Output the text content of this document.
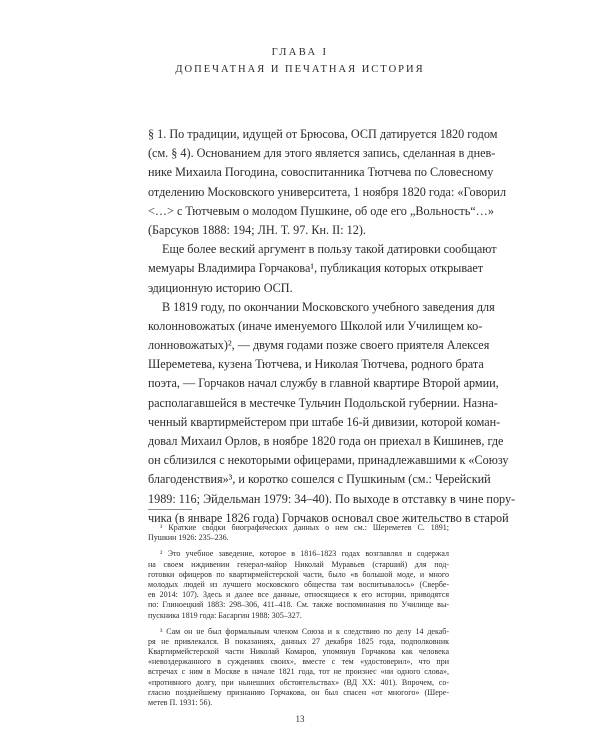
ГЛАВА I
ДОПЕЧАТНАЯ И ПЕЧАТНАЯ ИСТОРИЯ
§ 1. По традиции, идущей от Брюсова, ОСП датируется 1820 годом
(см. § 4). Основанием для этого является запись, сделанная в днев-
нике Михаила Погодина, совоспитанника Тютчева по Словесному
отделению Московского университета, 1 ноября 1820 года: «Говорил
<…> с Тютчевым о молодом Пушкине, об оде его „Вольность“…»
(Барсуков 1888: 194; ЛН. Т. 97. Кн. II: 12).
Еще более веский аргумент в пользу такой датировки сообщают
мемуары Владимира Горчакова¹, публикация которых открывает
эдиционную историю ОСП.
В 1819 году, по окончании Московского учебного заведения для
колонновожатых (иначе именуемого Школой или Училищем ко-
лонновожатых)², — двумя годами позже своего приятеля Алексея
Шереметева, кузена Тютчева, и Николая Тютчева, родного брата
поэта, — Горчаков начал службу в главной квартире Второй армии,
располагавшейся в местечке Тульчин Подольской губернии. Назна-
ченный квартирмейстером при штабе 16-й дивизии, которой коман-
довал Михаил Орлов, в ноябре 1820 года он приехал в Кишинев, где
он сблизился с некоторыми офицерами, принадлежавшими к «Союзу
благоденствия»³, и коротко сошелся с Пушкиным (см.: Черейский
1989: 116; Эйдельман 1979: 34–40). По выходе в отставку в чине пору-
чика (в январе 1826 года) Горчаков основал свое жительство в старой
¹ Краткие сводки биографических данных о нем см.: Шереметев С. 1891;
Пушкин 1926: 235–236.
² Это учебное заведение, которое в 1816–1823 годах возглавлял и содержал
на своем иждивении генерал-майор Николай Муравьев (старший) для под-
готовки офицеров по квартирмейстерской части, было «в большой моде, и много
молодых людей из лучшего московского общества там воспитывалось» (Свербе-
ев 2014: 107). Здесь и далее все данные, относящиеся к его истории, приводятся
по: Глиноецкий 1883: 298–306, 411–418. См. также воспоминания по Училище вы-
пускника 1819 года: Басаргин 1988: 305–327.
³ Сам он не был формальным членом Союза и к следствию по делу 14 декаб-
ря не привлекался. В показаниях, данных 27 декабря 1825 года, подполковник
Квартирмейстерской части Николай Комаров, упомянув Горчакова как человека
«невоздержанного в суждениях своих», вместе с тем «удостоверил», что при
встречах с ним в Москве в начале 1821 года, тот не произнес «ни одного слова»,
«противного долгу, при нынешних обстоятельствах» (ВД XX: 401). Впрочем, со-
гласно позднейшему признанию Горчакова, он был спасен «от многого» (Шере-
метев П. 1931: 56).
13
